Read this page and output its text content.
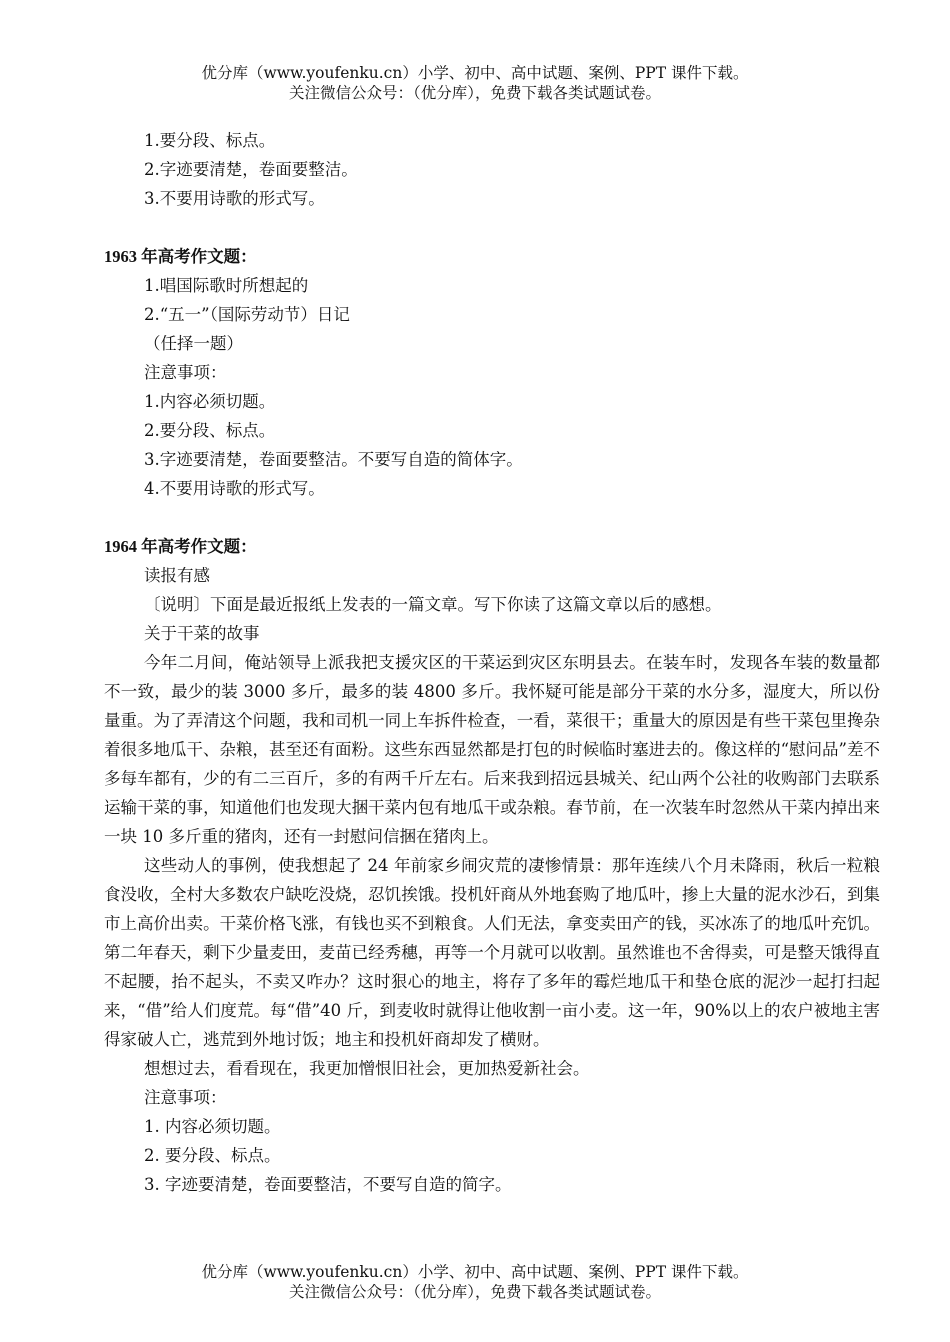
优分库（www.youfenku.cn）小学、初中、高中试题、案例、PPT 课件下载。
关注微信公众号：（优分库），免费下载各类试题试卷。
1.要分段、标点。
2.字迹要清楚，卷面要整洁。
3.不要用诗歌的形式写。
1963 年高考作文题：
1.唱国际歌时所想起的
2.“五一”（国际劳动节）日记
（任择一题）
注意事项：
1.内容必须切题。
2.要分段、标点。
3.字迹要清楚，卷面要整洁。不要写自造的简体字。
4.不要用诗歌的形式写。
1964 年高考作文题：
读报有感
〔说明〕下面是最近报纸上发表的一篇文章。写下你读了这篇文章以后的感想。
关于干菜的故事
今年二月间，俺站领导上派我把支援灾区的干菜运到灾区东明县去。在装车时，发现各车装的数量都不一致，最少的装 3000 多斤，最多的装 4800 多斤。我怀疑可能是部分干菜的水分多，湿度大，所以份量重。为了弄清这个问题，我和司机一同上车拆件检查，一看，菜很干；重量大的原因是有些干菜包里搀杂着很多地瓜干、杂粮，甚至还有面粉。这些东西显然都是打包的时候临时塞进去的。像这样的“慰问品”差不多每车都有，少的有二三百斤，多的有两千斤左右。后来我到招远县城关、纪山两个公社的收购部门去联系运输干菜的事，知道他们也发现大捆干菜内包有地瓜干或杂粮。春节前，在一次装车时忽然从干菜内掉出来一块 10 多斤重的猪肉，还有一封慰问信捆在猪肉上。
这些动人的事例，使我想起了 24 年前家乡闹灾荒的凄惨情景：那年连续八个月未降雨，秋后一粒粮食没收，全村大多数农户缺吃没烧，忍饥挨饿。投机奸商从外地套购了地瓜叶，掺上大量的泥水沙石，到集市上高价出卖。干菜价格飞涨，有钱也买不到粮食。人们无法，拿变卖田产的钱，买冰冻了的地瓜叶充饥。第二年春天，剩下少量麦田，麦苗已经秀穗，再等一个月就可以收割。虽然谁也不舍得卖，可是整天饿得直不起腰，抬不起头，不卖又咋办？这时狠心的地主，将存了多年的霉烂地瓜干和垫仓底的泥沙一起打扫起来，“借”给人们度荒。每“借”40 斤，到麦收时就得让他收割一亩小麦。这一年，90%以上的农户被地主害得家破人亡，逃荒到外地讨饭；地主和投机奸商却发了横财。
想想过去，看看现在，我更加憎恨旧社会，更加热爱新社会。
注意事项：
1. 内容必须切题。
2. 要分段、标点。
3. 字迹要清楚，卷面要整洁，不要写自造的简字。
优分库（www.youfenku.cn）小学、初中、高中试题、案例、PPT 课件下载。
关注微信公众号：（优分库），免费下载各类试题试卷。
